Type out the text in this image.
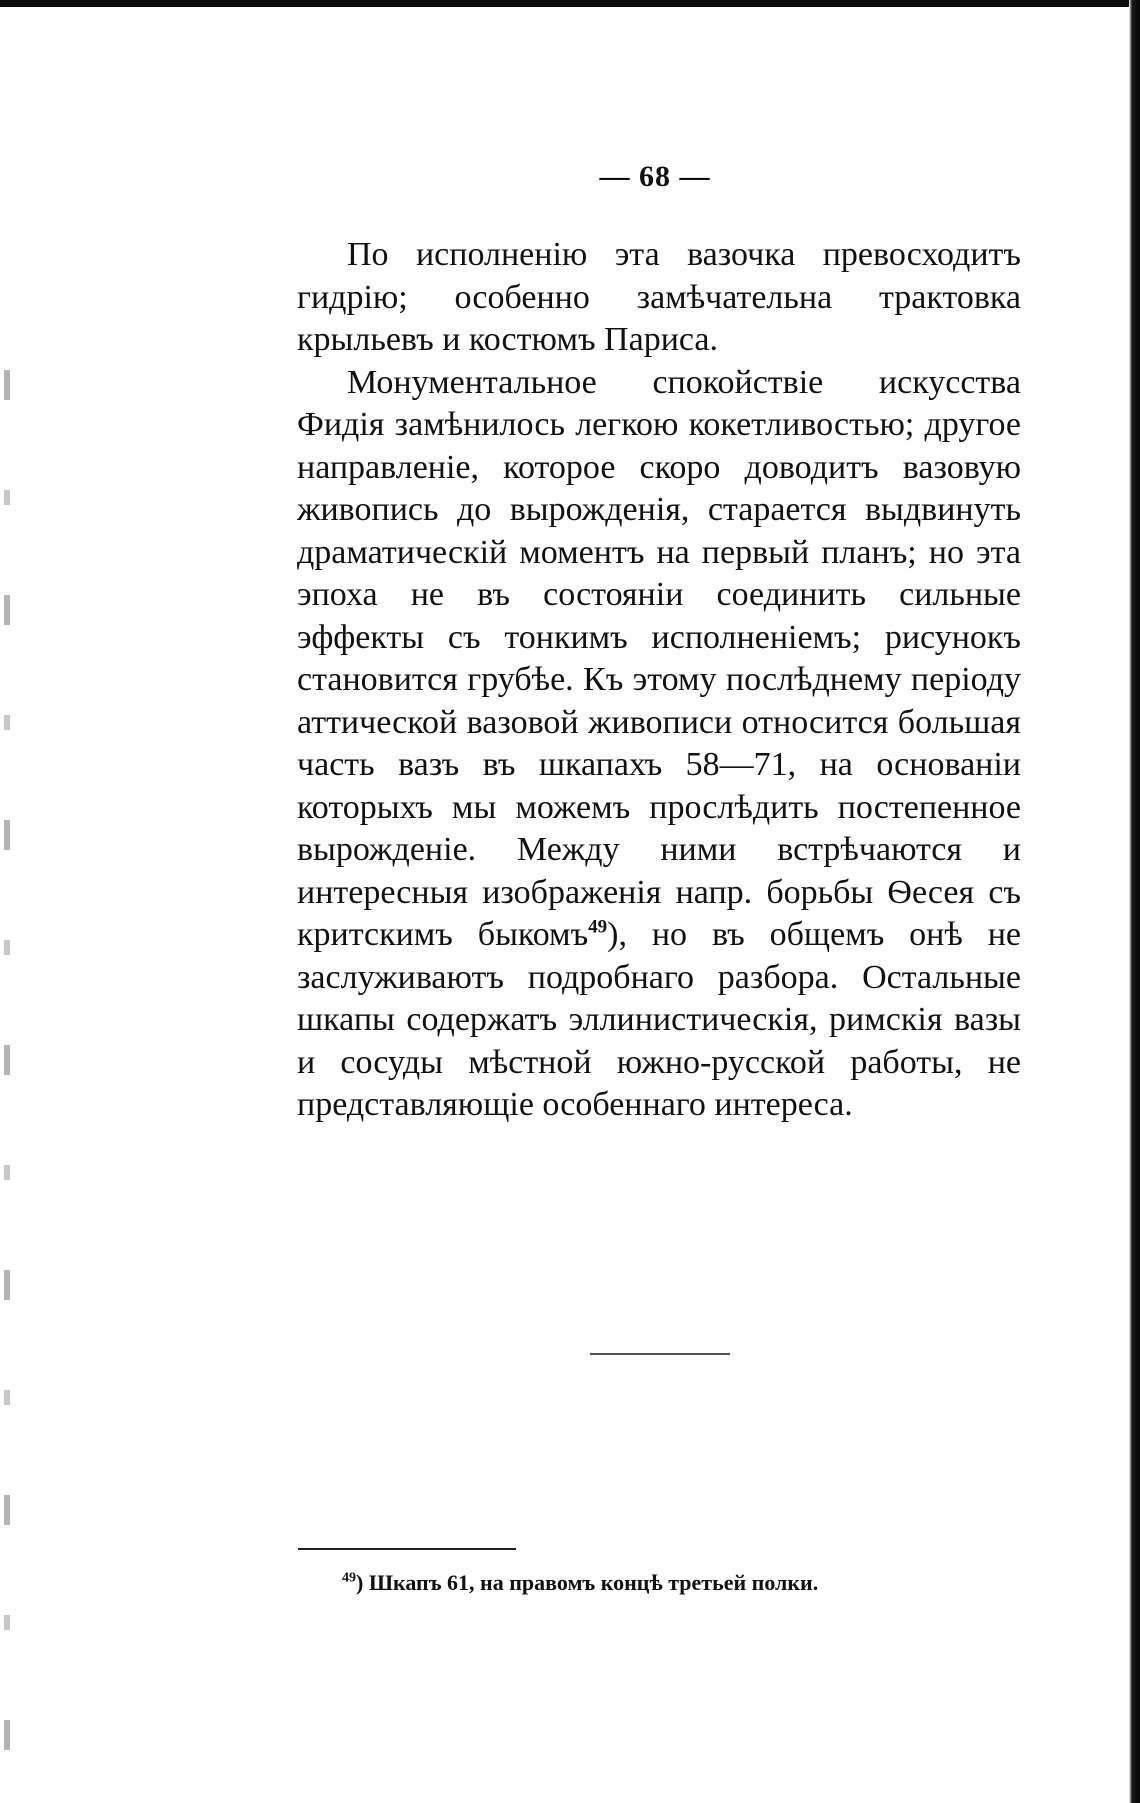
— 68 —

По исполненію эта вазочка превосходитъ гидрію; особенно замѣчательна трактовка крыльевъ и костюмъ Париса.

Монументальное спокойствіе искусства Фидія замѣнилось легкою кокетливостью; другое направленіе, которое скоро доводитъ вазовую живопись до вырожденія, старается выдвинуть драматическій моментъ на первый планъ; но эта эпоха не въ состояніи соединить сильные эффекты съ тонкимъ исполненіемъ; рисунокъ становится грубѣе. Къ этому послѣднему періоду аттической вазовой живописи относится большая часть вазъ въ шкапахъ 58—71, на основаніи которыхъ мы можемъ прослѣдить постепенное вырожденіе. Между ними встрѣчаются и интересныя изображенія напр. борьбы Ѳесея съ критскимъ быкомъ$^{49}$), но въ общемъ онѣ не заслуживаютъ подробнаго разбора. Остальные шкапы содержатъ эллинистическія, римскія вазы и сосуды мѣстной южно-русской работы, не представляющіе особеннаго интереса.

$^{49}$) Шкапъ 61, на правомъ концѣ третьей полки.
